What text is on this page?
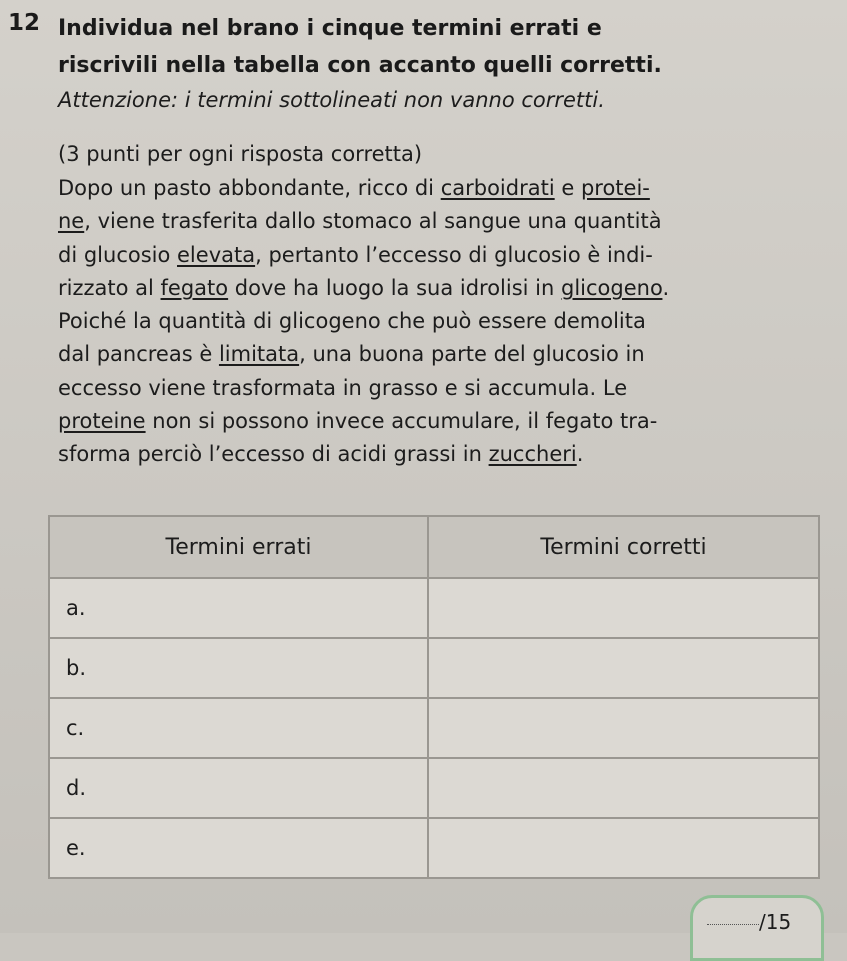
12 Individua nel brano i cinque termini errati e
riscrivili nella tabella con accanto quelli corretti.
Attenzione: i termini sottolineati non vanno corretti.
(3 punti per ogni risposta corretta)
Dopo un pasto abbondante, ricco di carboidrati e protei-
ne, viene trasferita dallo stomaco al sangue una quantità
di glucosio elevata, pertanto l’eccesso di glucosio è indi-
rizzato al fegato dove ha luogo la sua idrolisi in glicogeno.
Poiché la quantità di glicogeno che può essere demolita
dal pancreas è limitata, una buona parte del glucosio in
eccesso viene trasformata in grasso e si accumula. Le
proteine non si possono invece accumulare, il fegato tra-
sforma perciò l’eccesso di acidi grassi in zuccheri.
Termini errati	Termini corretti
a.	
b.	
c.	
d.	
e.	
/15
